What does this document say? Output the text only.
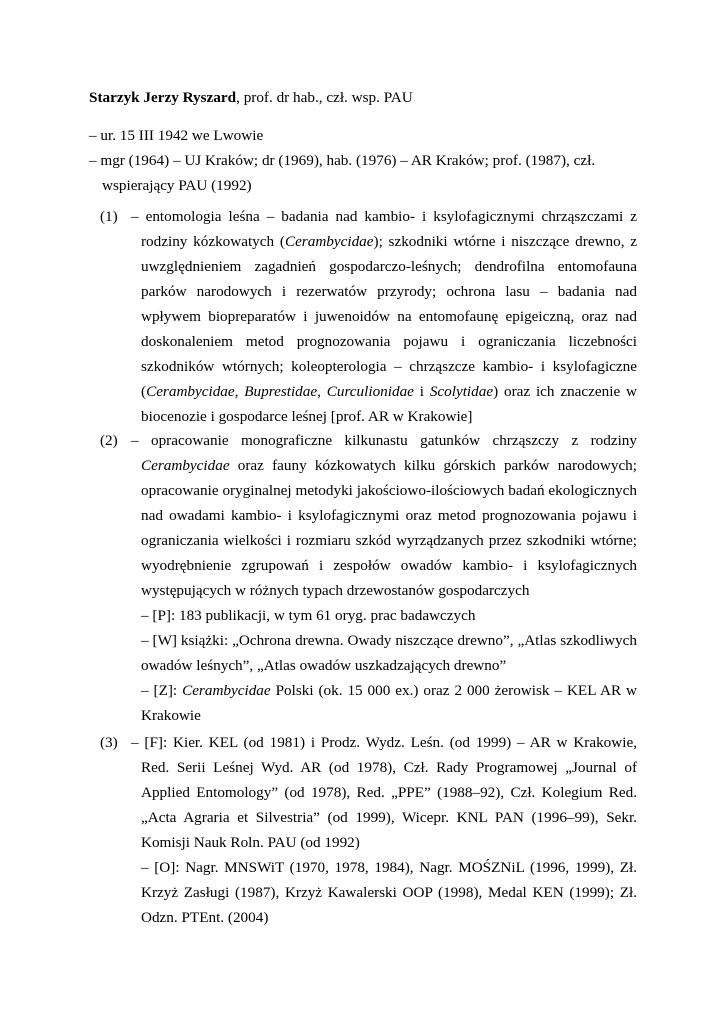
Starzyk Jerzy Ryszard, prof. dr hab., czł. wsp. PAU
– ur. 15 III 1942 we Lwowie
– mgr (1964) – UJ Kraków; dr (1969), hab. (1976) – AR Kraków; prof. (1987), czł.
wspierający PAU (1992)
(1) – entomologia leśna – badania nad kambio- i ksylofagicznymi chrząszczami z rodziny kózkowatych (Cerambycidae); szkodniki wtórne i niszczące drewno, z uwzględnieniem zagadnień gospodarczo-leśnych; dendrofilna entomofauna parków narodowych i rezerwatów przyrody; ochrona lasu – badania nad wpływem biopreparatów i juwenoidów na entomofaunę epigeiczną, oraz nad doskonaleniem metod prognozowania pojawu i ograniczania liczebności szkodników wtórnych; koleopterologia – chrząszcze kambio- i ksylofagiczne (Cerambycidae, Buprestidae, Curculionidae i Scolytidae) oraz ich znaczenie w biocenozie i gospodarce leśnej [prof. AR w Krakowie]
(2) – opracowanie monograficzne kilkunastu gatunków chrząszczy z rodziny Cerambycidae oraz fauny kózkowatych kilku górskich parków narodowych; opracowanie oryginalnej metodyki jakościowo-ilościowych badań ekologicznych nad owadami kambio- i ksylofagicznymi oraz metod prognozowania pojawu i ograniczania wielkości i rozmiaru szkód wyrządzanych przez szkodniki wtórne; wyodrębnienie zgrupowań i zespołów owadów kambio- i ksylofagicznych występujących w różnych typach drzewostanów gospodarczych
– [P]: 183 publikacji, w tym 61 oryg. prac badawczych
– [W] książki: „Ochrona drewna. Owady niszczące drewno”, „Atlas szkodliwych owadów leśnych”, „Atlas owadów uszkadzających drewno”
– [Z]: Cerambycidae Polski (ok. 15 000 ex.) oraz 2 000 żerowisk – KEL AR w Krakowie
(3) – [F]: Kier. KEL (od 1981) i Prodz. Wydz. Leśn. (od 1999) – AR w Krakowie, Red. Serii Leśnej Wyd. AR (od 1978), Czł. Rady Programowej „Journal of Applied Entomology” (od 1978), Red. „PPE” (1988–92), Czł. Kolegium Red. „Acta Agraria et Silvestria” (od 1999), Wicepr. KNL PAN (1996–99), Sekr. Komisji Nauk Roln. PAU (od 1992)
– [O]: Nagr. MNSWiT (1970, 1978, 1984), Nagr. MOŚZNiL (1996, 1999), Zł. Krzyż Zasługi (1987), Krzyż Kawalerski OOP (1998), Medal KEN (1999); Zł. Odzn. PTEnt. (2004)
